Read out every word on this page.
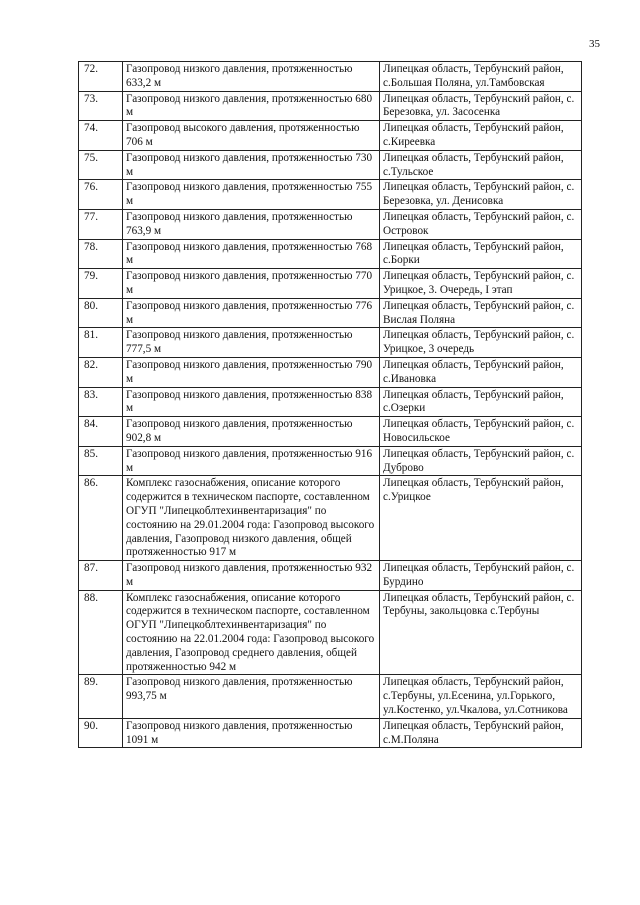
35
72.	Газопровод низкого давления, протяженностью 633,2 м	Липецкая область, Тербунский район, с.Большая Поляна, ул.Тамбовская
73.	Газопровод низкого давления, протяженностью 680 м	Липецкая область, Тербунский район, с. Березовка, ул. Засосенка
74.	Газопровод высокого давления, протяженностью 706 м	Липецкая область, Тербунский район, с.Киреевка
75.	Газопровод низкого давления, протяженностью 730 м	Липецкая область, Тербунский район, с.Тульское
76.	Газопровод низкого давления, протяженностью 755 м	Липецкая область, Тербунский район, с. Березовка, ул. Денисовка
77.	Газопровод низкого давления, протяженностью 763,9 м	Липецкая область, Тербунский район, с. Островок
78.	Газопровод низкого давления, протяженностью 768 м	Липецкая область, Тербунский район, с.Борки
79.	Газопровод низкого давления, протяженностью 770 м	Липецкая область, Тербунский район, с. Урицкое, 3. Очередь, I этап
80.	Газопровод низкого давления, протяженностью 776 м	Липецкая область, Тербунский район, с. Вислая Поляна
81.	Газопровод низкого давления, протяженностью 777,5 м	Липецкая область, Тербунский район, с. Урицкое, 3 очередь
82.	Газопровод низкого давления, протяженностью 790 м	Липецкая область, Тербунский район, с.Ивановка
83.	Газопровод низкого давления, протяженностью 838 м	Липецкая область, Тербунский район, с.Озерки
84.	Газопровод низкого давления, протяженностью 902,8 м	Липецкая область, Тербунский район, с. Новосильское
85.	Газопровод низкого давления, протяженностью 916 м	Липецкая область, Тербунский район, с. Дуброво
86.	Комплекс газоснабжения, описание которого содержится в техническом паспорте, составленном ОГУП "Липецкоблтехинвентаризация" по состоянию на 29.01.2004 года: Газопровод высокого давления, Газопровод низкого давления, общей протяженностью 917 м	Липецкая область, Тербунский район, с.Урицкое
87.	Газопровод низкого давления, протяженностью 932 м	Липецкая область, Тербунский район, с. Бурдино
88.	Комплекс газоснабжения, описание которого содержится в техническом паспорте, составленном ОГУП "Липецкоблтехинвентаризация" по состоянию на 22.01.2004 года: Газопровод высокого давления, Газопровод среднего давления, общей протяженностью 942 м	Липецкая область, Тербунский район, с. Тербуны, закольцовка с.Тербуны
89.	Газопровод низкого давления, протяженностью 993,75 м	Липецкая область, Тербунский район, с.Тербуны, ул.Есенина, ул.Горького, ул.Костенко, ул.Чкалова, ул.Сотникова
90.	Газопровод низкого давления, протяженностью 1091 м	Липецкая область, Тербунский район, с.М.Поляна
